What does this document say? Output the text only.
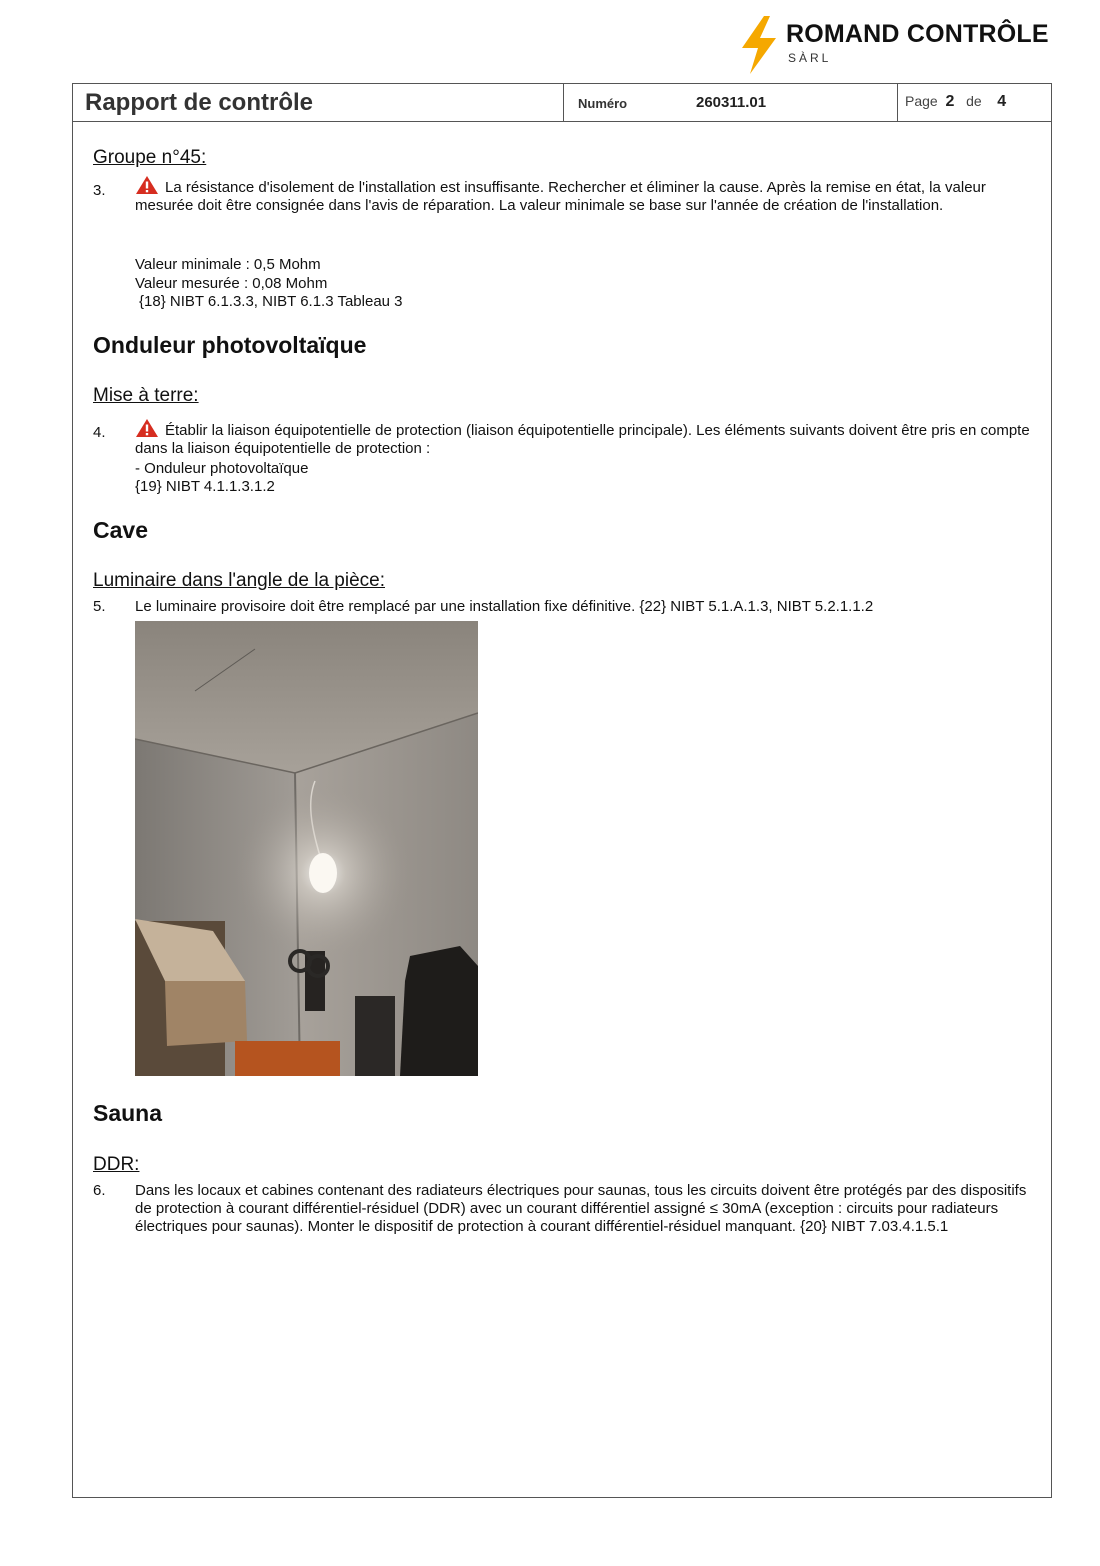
ROMAND CONTRÔLE
SÀRL
Rapport de contrôle	Numéro	260311.01	Page 2 de 4
Groupe n°45:
3.	La résistance d'isolement de l'installation est insuffisante. Rechercher et éliminer la cause. Après la remise en état, la valeur mesurée doit être consignée dans l'avis de réparation. La valeur minimale se base sur l'année de création de l'installation.
Valeur minimale : 0,5 Mohm
Valeur mesurée : 0,08 Mohm
{18} NIBT 6.1.3.3, NIBT 6.1.3 Tableau 3
Onduleur photovoltaïque
Mise à terre:
4.	Établir la liaison équipotentielle de protection (liaison équipotentielle principale). Les éléments suivants doivent être pris en compte dans la liaison équipotentielle de protection :
- Onduleur photovoltaïque
{19} NIBT 4.1.1.3.1.2
Cave
Luminaire dans l'angle de la pièce:
5. Le luminaire provisoire doit être remplacé par une installation fixe définitive. {22} NIBT 5.1.A.1.3, NIBT 5.2.1.1.2
Sauna
DDR:
6. Dans les locaux et cabines contenant des radiateurs électriques pour saunas, tous les circuits doivent être protégés par des dispositifs de protection à courant différentiel-résiduel (DDR) avec un courant différentiel assigné ≤ 30mA (exception : circuits pour radiateurs électriques pour saunas). Monter le dispositif de protection à courant différentiel-résiduel manquant. {20} NIBT 7.03.4.1.5.1
